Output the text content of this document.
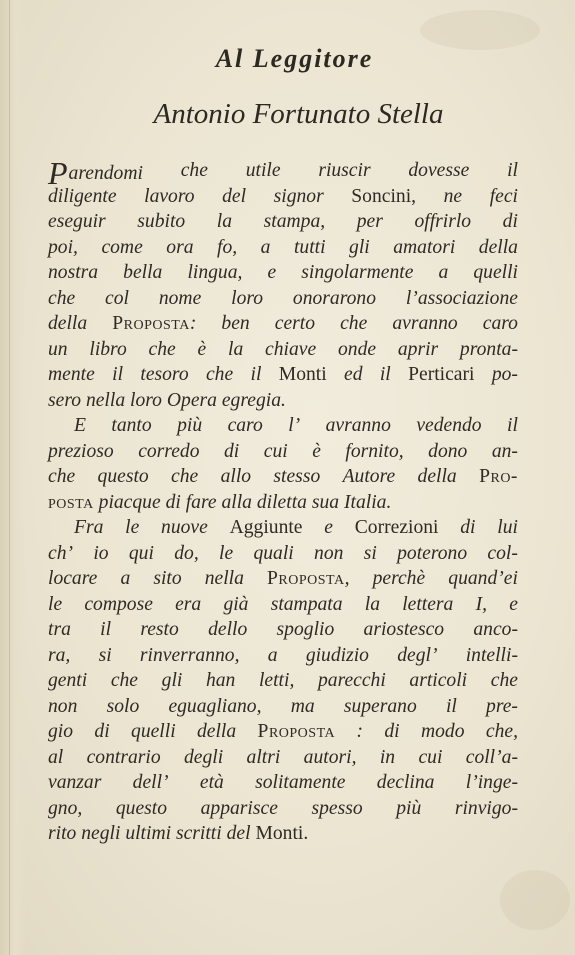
Al Leggitore
Antonio Fortunato Stella
Parendomi che utile riuscir dovesse il
diligente lavoro del signor Soncini, ne feci
eseguir subito la stampa, per offrirlo di
poi, come ora fo, a tutti gli amatori della
nostra bella lingua, e singolarmente a quelli
che col nome loro onorarono l’associazione
della Proposta: ben certo che avranno caro
un libro che è la chiave onde aprir pronta-
mente il tesoro che il Monti ed il Perticari po-
sero nella loro Opera egregia.
E tanto più caro l’ avranno vedendo il
prezioso corredo di cui è fornito, dono an-
che questo che allo stesso Autore della Pro-
posta piacque di fare alla diletta sua Italia.
Fra le nuove Aggiunte e Correzioni di lui
ch’ io qui do, le quali non si poterono col-
locare a sito nella Proposta, perchè quand’ei
le compose era già stampata la lettera I, e
tra il resto dello spoglio ariostesco anco-
ra, si rinverranno, a giudizio degl’ intelli-
genti che gli han letti, parecchi articoli che
non solo eguagliano, ma superano il pre-
gio di quelli della Proposta : di modo che,
al contrario degli altri autori, in cui coll’a-
vanzar dell’ età solitamente declina l’inge-
gno, questo apparisce spesso più rinvigo-
rito negli ultimi scritti del Monti.
